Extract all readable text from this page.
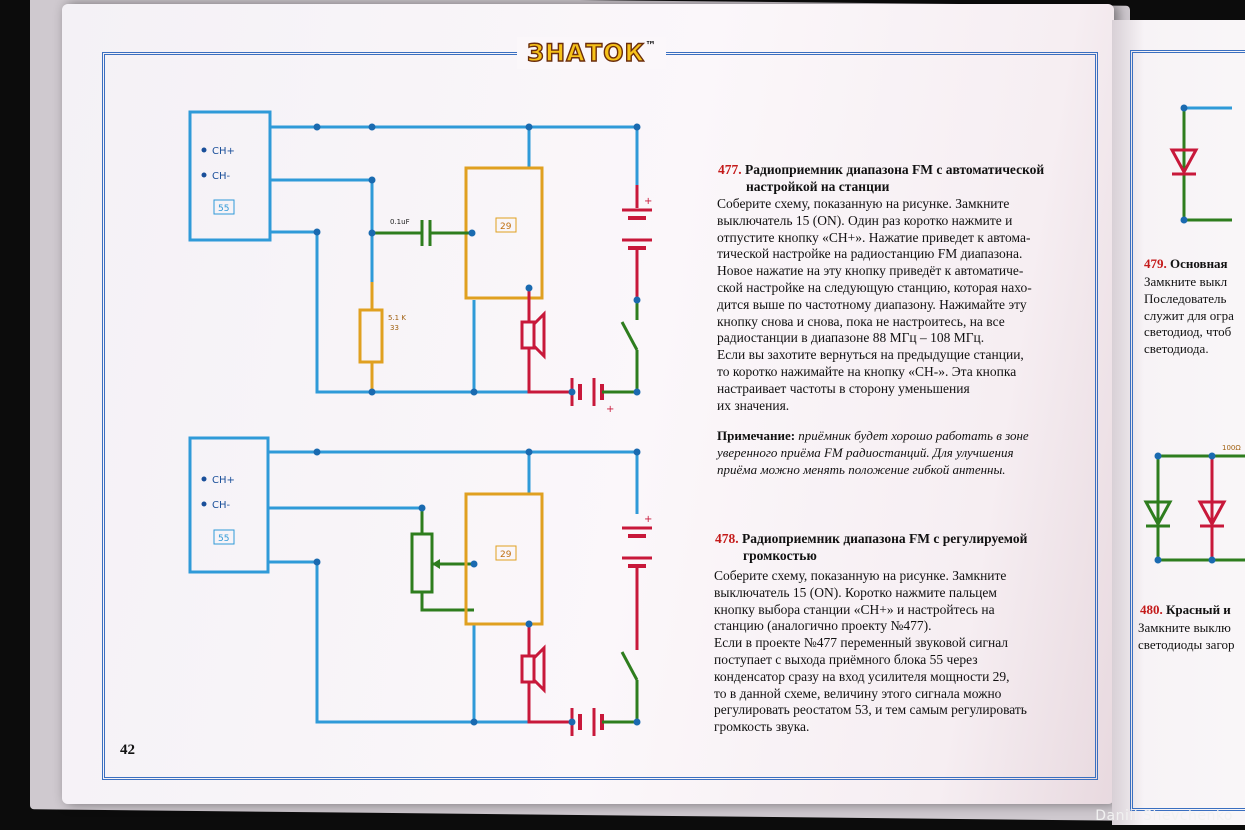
ЗНАТОК™
CH+
CH-
55
29
0.1uF
5.1 K
33
+
+
CH+
CH-
55
29
+
477. Радиоприемник диапазона FM с автоматической
настройкой на станции
Соберите схему, показанную на рисунке. Замкните
выключатель 15 (ON). Один раз коротко нажмите и
отпустите кнопку «CH+». Нажатие приведет к автома-
тической настройке на радиостанцию FM диапазона.
Новое нажатие на эту кнопку приведёт к автоматиче-
ской настройке на следующую станцию, которая нахо-
дится выше по частотному диапазону. Нажимайте эту
кнопку снова и снова, пока не настроитесь, на все
радиостанции в диапазоне 88 МГц – 108 МГц.
Если вы захотите вернуться на предыдущие станции,
то коротко нажимайте на кнопку «CH-». Эта кнопка
настраивает частоты в сторону уменьшения
их значения.
Примечание: приёмник будет хорошо работать в зоне
уверенного приёма FM радиостанций. Для улучшения
приёма можно менять положение гибкой антенны.
478. Радиоприемник диапазона FM с регулируемой
громкостью
Соберите схему, показанную на рисунке. Замкните
выключатель 15 (ON). Коротко нажмите пальцем
кнопку выбора станции «CH+» и настройтесь на
станцию (аналогично проекту №477).
Если в проекте №477 переменный звуковой сигнал
поступает с выхода приёмного блока 55 через
конденсатор сразу на вход усилителя мощности 29,
то в данной схеме, величину этого сигнала можно
регулировать реостатом 53, и тем самым регулировать
громкость звука.
42
479. Основная
Замкните выкл
Последователь
служит для огра
светодиод, чтоб
светодиода.
100Ω
480. Красный и
Замкните выклю
светодиоды загор
Daniil Shevchenko
